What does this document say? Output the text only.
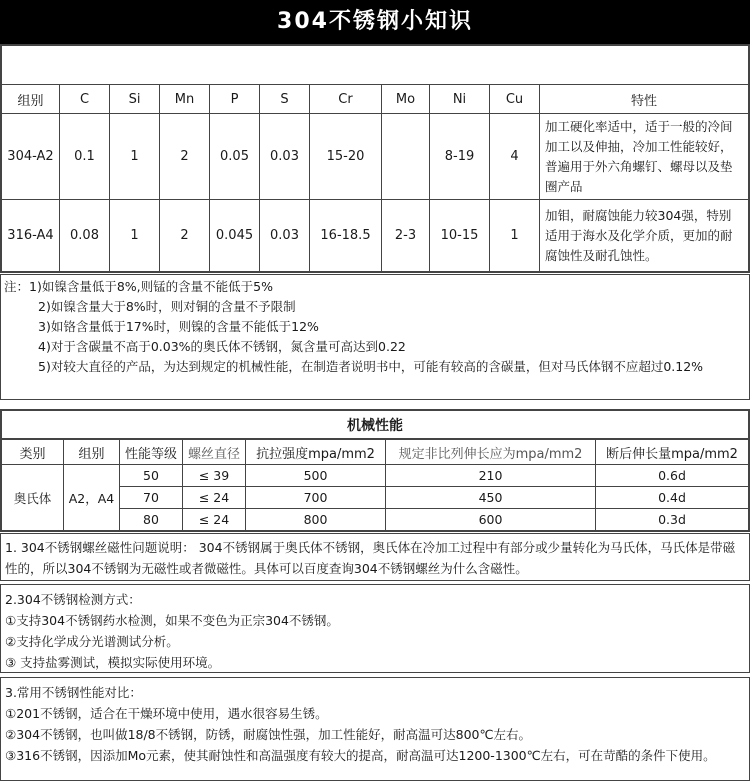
304不锈钢小知识

组别	C	Si	Mn	P	S	Cr	Mo	Ni	Cu	特性
304-A2	0.1	1	2	0.05	0.03	15-20		8-19	4	加工硬化率适中，适于一般的冷间加工以及伸抽，冷加工性能较好，普遍用于外六角螺钉、螺母以及垫圈产品
316-A4	0.08	1	2	0.045	0.03	16-18.5	2-3	10-15	1	加钼，耐腐蚀能力较304强，特别适用于海水及化学介质，更加的耐腐蚀性及耐孔蚀性。
注：1)如镍含量低于8%,则锰的含量不能低于5%
2)如镍含量大于8%时，则对铜的含量不予限制
3)如铬含量低于17%时，则镍的含量不能低于12%
4)对于含碳量不高于0.03%的奥氏体不锈钢，氮含量可高达到0.22
5)对较大直径的产品，为达到规定的机械性能，在制造者说明书中，可能有较高的含碳量，但对马氏体钢不应超过0.12%
机械性能						
类别	组别	性能等级	螺丝直径	抗拉强度mpa/mm2	规定非比列伸长应为mpa/mm2	断后伸长量mpa/mm2
奥氏体	A2，A4	50	≤ 39	500	210	0.6d
		70	≤ 24	700	450	0.4d
		80	≤ 24	800	600	0.3d
1. 304不锈钢螺丝磁性问题说明： 304不锈钢属于奥氏体不锈钢，奥氏体在冷加工过程中有部分或少量转化为马氏体，马氏体是带磁性的，所以304不锈钢为无磁性或者微磁性。具体可以百度查询304不锈钢螺丝为什么含磁性。
2.304不锈钢检测方式：
①支持304不锈钢药水检测，如果不变色为正宗304不锈钢。
②支持化学成分光谱测试分析。
③ 支持盐雾测试，模拟实际使用环境。
3.常用不锈钢性能对比：
①201不锈钢，适合在干燥环境中使用，遇水很容易生锈。
②304不锈钢，也叫做18/8不锈钢，防锈，耐腐蚀性强，加工性能好，耐高温可达800℃左右。
③316不锈钢，因添加Mo元素，使其耐蚀性和高温强度有较大的提高，耐高温可达1200-1300℃左右，可在苛酷的条件下使用。
